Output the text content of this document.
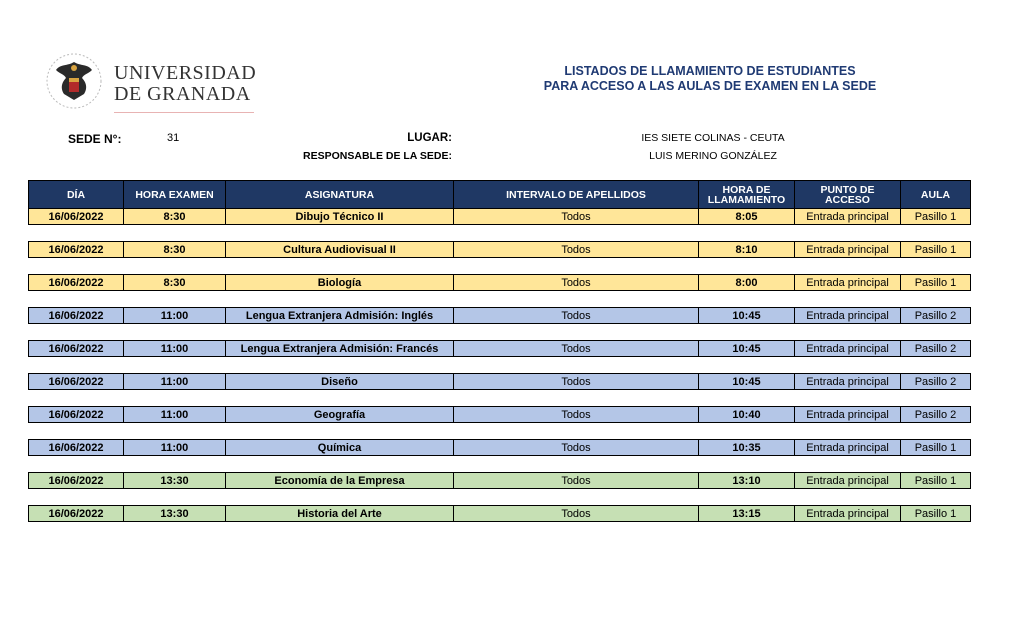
UNIVERSIDAD
DE GRANADA
LISTADOS DE LLAMAMIENTO DE ESTUDIANTES
PARA ACCESO A LAS AULAS DE EXAMEN EN LA SEDE
SEDE N°:	31	LUGAR:	IES SIETE COLINAS - CEUTA
RESPONSABLE DE LA SEDE:	LUIS MERINO GONZÁLEZ
DÍA	HORA EXAMEN	ASIGNATURA	INTERVALO DE APELLIDOS	HORA DE LLAMAMIENTO	PUNTO DE ACCESO	AULA
16/06/2022	8:30	Dibujo Técnico II	Todos	8:05	Entrada principal	Pasillo 1

16/06/2022	8:30	Cultura Audiovisual II	Todos	8:10	Entrada principal	Pasillo 1

16/06/2022	8:30	Biología	Todos	8:00	Entrada principal	Pasillo 1

16/06/2022	11:00	Lengua Extranjera Admisión: Inglés	Todos	10:45	Entrada principal	Pasillo 2

16/06/2022	11:00	Lengua Extranjera Admisión: Francés	Todos	10:45	Entrada principal	Pasillo 2

16/06/2022	11:00	Diseño	Todos	10:45	Entrada principal	Pasillo 2

16/06/2022	11:00	Geografía	Todos	10:40	Entrada principal	Pasillo 2

16/06/2022	11:00	Química	Todos	10:35	Entrada principal	Pasillo 1

16/06/2022	13:30	Economía de la Empresa	Todos	13:10	Entrada principal	Pasillo 1

16/06/2022	13:30	Historia del Arte	Todos	13:15	Entrada principal	Pasillo 1
